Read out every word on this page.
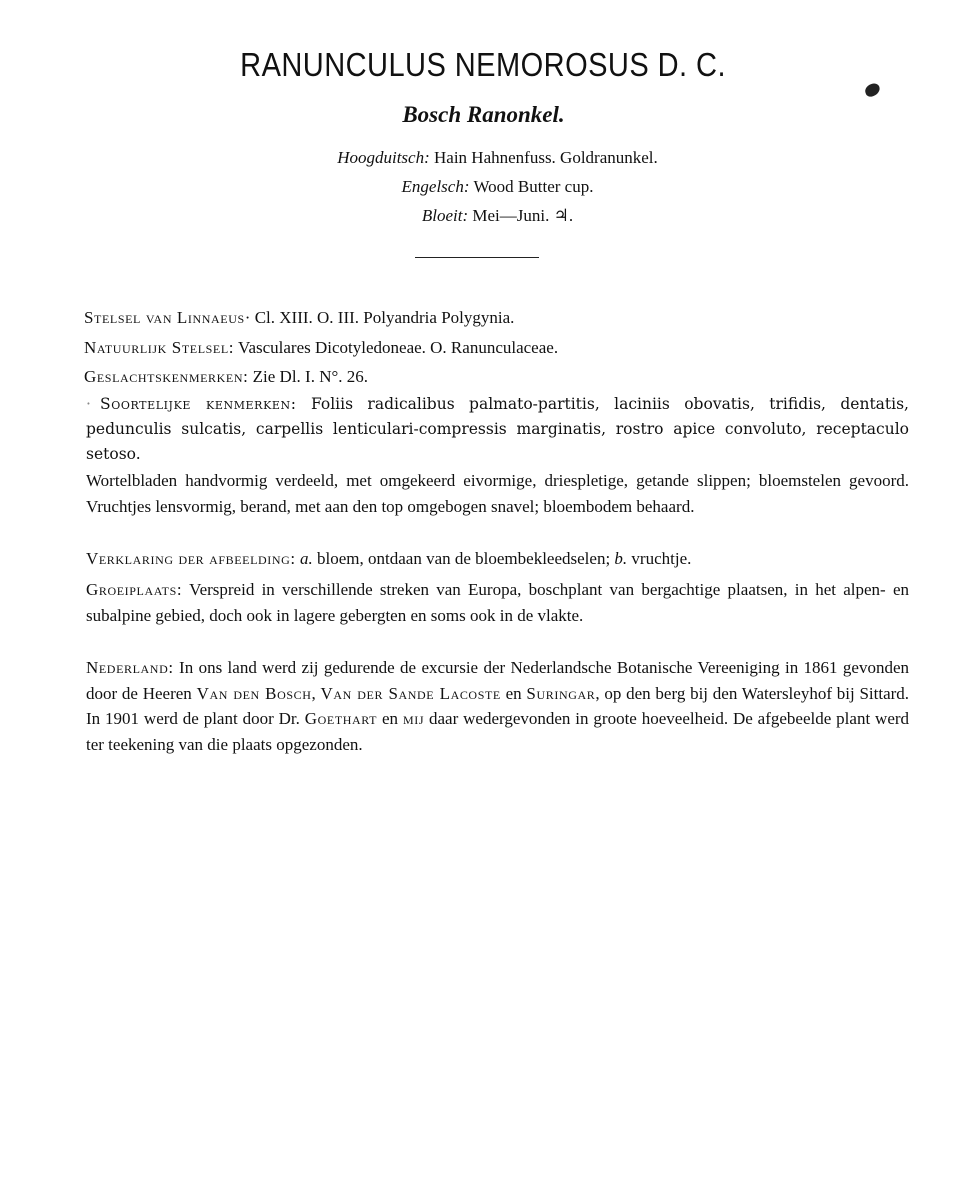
RANUNCULUS NEMOROSUS D. C.
Bosch Ranonkel.
Hoogduitsch: Hain Hahnenfuss. Goldranunkel.
Engelsch: Wood Butter cup.
Bloeit: Mei—Juni. ♃.
Stelsel van Linnaeus· Cl. XIII. O. III. Polyandria Polygynia.
Natuurlijk Stelsel: Vasculares Dicotyledoneae. O. Ranunculaceae.
Geslachtskenmerken: Zie Dl. I. N°. 26.
· Soortelijke kenmerken: Foliis radicalibus palmato-partitis, laciniis obovatis, trifidis, dentatis, pedunculis sulcatis, carpellis lenticulari-compressis marginatis, rostro apice convoluto, receptaculo setoso.
Wortelbladen handvormig verdeeld, met omgekeerd eivormige, driespletige, getande slippen; bloemstelen gevoord. Vruchtjes lensvormig, berand, met aan den top omgebogen snavel; bloembodem behaard.
Verklaring der afbeelding: a. bloem, ontdaan van de bloembekleedselen; b. vruchtje.
Groeiplaats: Verspreid in verschillende streken van Europa, boschplant van bergachtige plaatsen, in het alpen- en subalpine gebied, doch ook in lagere gebergten en soms ook in de vlakte.
Nederland: In ons land werd zij gedurende de excursie der Nederlandsche Botanische Vereeniging in 1861 gevonden door de Heeren Van den Bosch, Van der Sande Lacoste en Suringar, op den berg bij den Watersleyhof bij Sittard. In 1901 werd de plant door Dr. Goethart en mij daar wedergevonden in groote hoeveelheid. De afgebeelde plant werd ter teekening van die plaats opgezonden.
